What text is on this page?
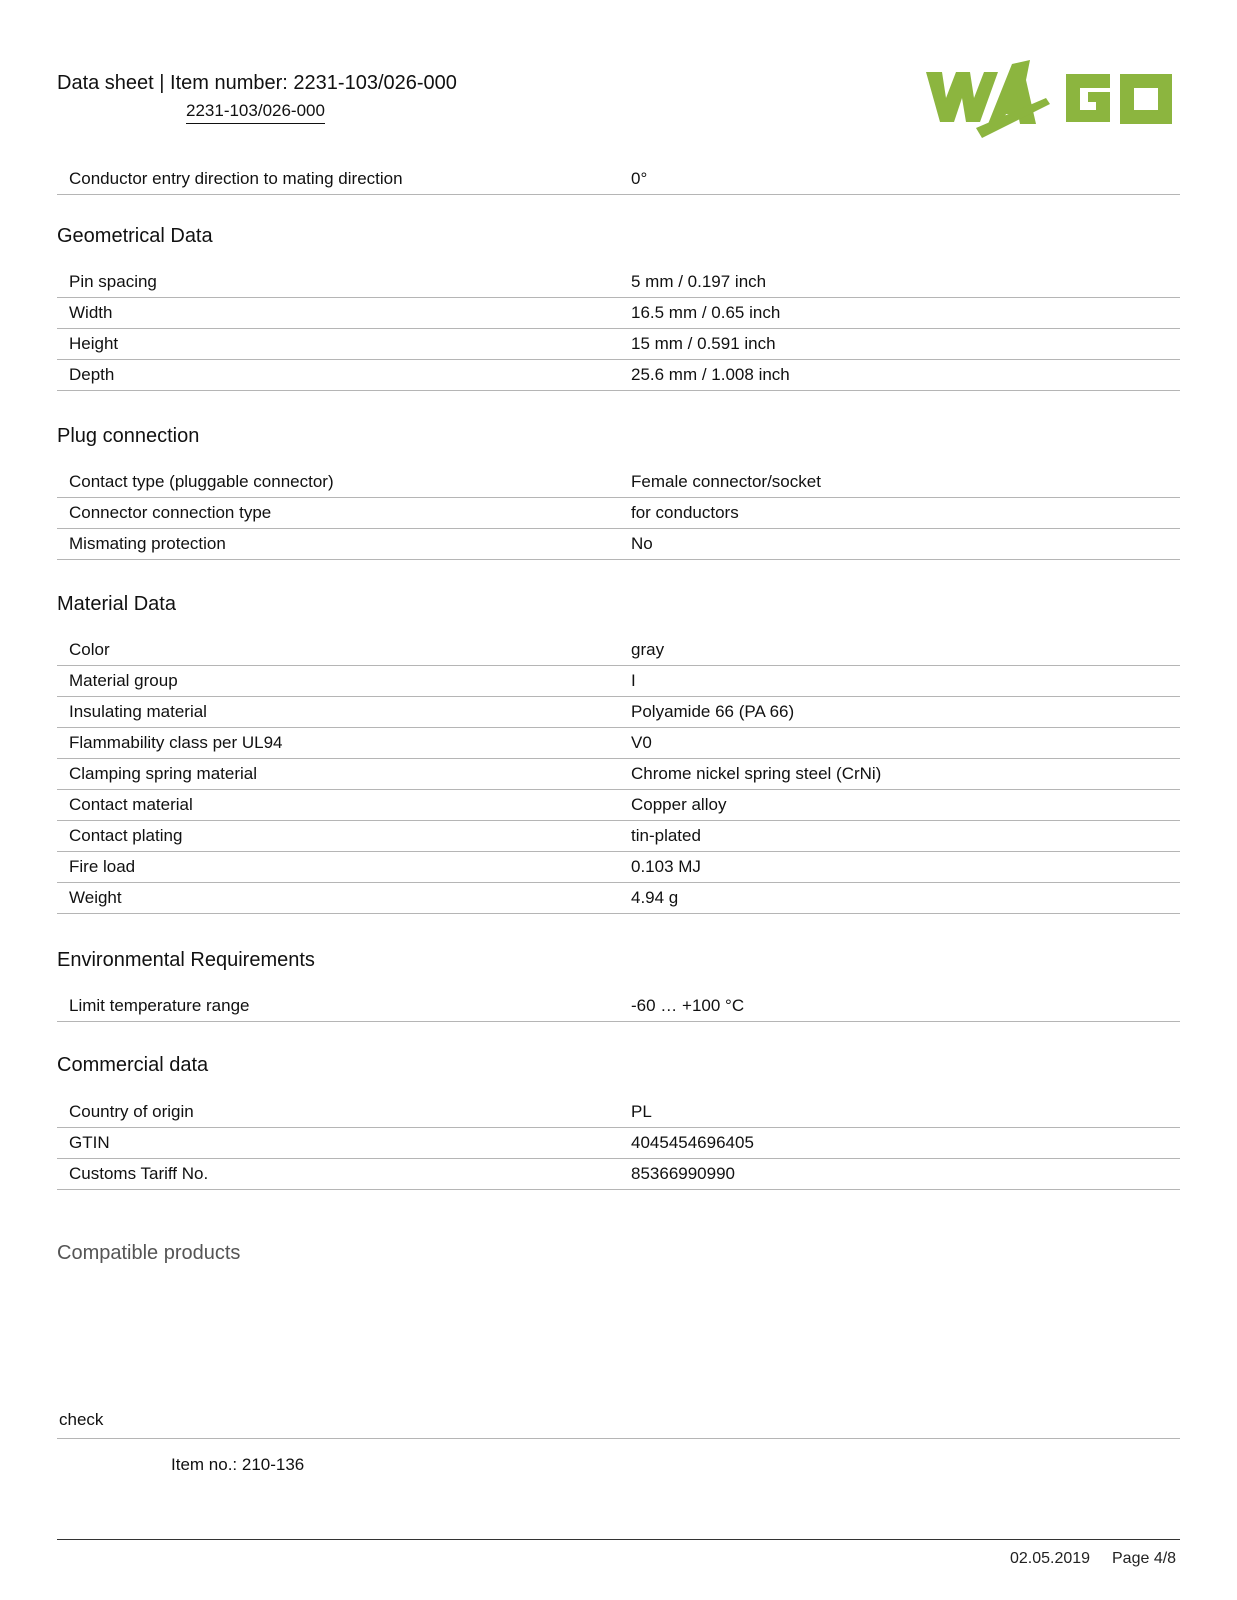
Data sheet | Item number: 2231-103/026-000
2231-103/026-000
Conductor entry direction to mating direction	0°
Geometrical Data
Pin spacing	5 mm / 0.197 inch
Width	16.5 mm / 0.65 inch
Height	15 mm / 0.591 inch
Depth	25.6 mm / 1.008 inch
Plug connection
Contact type (pluggable connector)	Female connector/socket
Connector connection type	for conductors
Mismating protection	No
Material Data
Color	gray
Material group	I
Insulating material	Polyamide 66 (PA 66)
Flammability class per UL94	V0
Clamping spring material	Chrome nickel spring steel (CrNi)
Contact material	Copper alloy
Contact plating	tin-plated
Fire load	0.103 MJ
Weight	4.94 g
Environmental Requirements
Limit temperature range	-60 … +100 °C
Commercial data
Country of origin	PL
GTIN	4045454696405
Customs Tariff No.	85366990990
Compatible products
check
Item no.: 210-136
02.05.2019 Page 4/8
